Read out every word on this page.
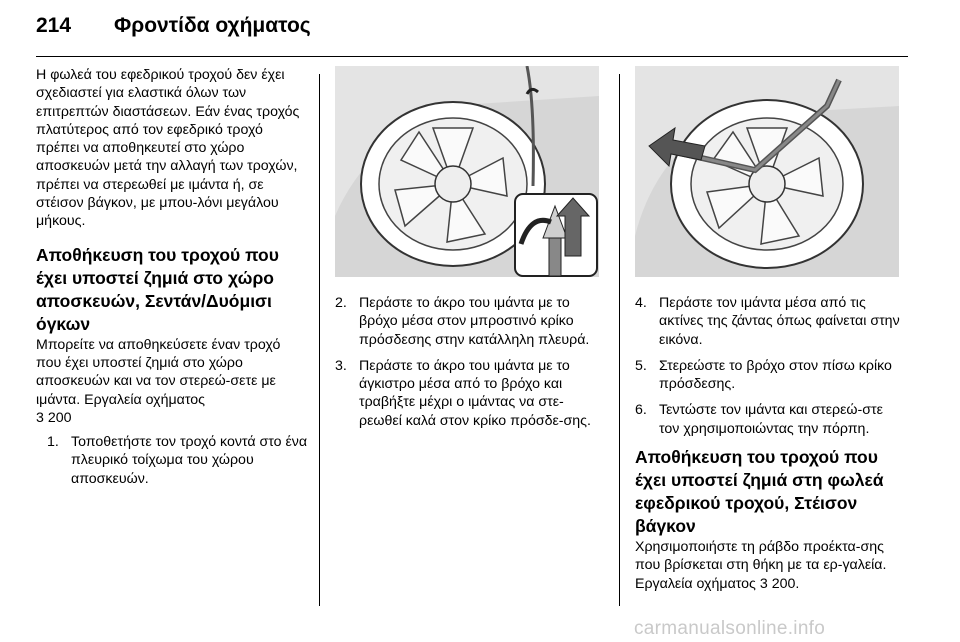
214	Φροντίδα οχήματος

Η φωλεά του εφεδρικού τροχού δεν έχει σχεδιαστεί για ελαστικά όλων των επιτρεπτών διαστάσεων. Εάν ένας τροχός πλατύτερος από τον εφεδρικό τροχό πρέπει να αποθηκευτεί στο χώρο αποσκευών μετά την αλλαγή των τροχών, πρέπει να στερεωθεί με ιμάντα ή, σε στέισον βάγκον, με μπου-λόνι μεγάλου μήκους.

Αποθήκευση του τροχού που έχει υποστεί ζημιά στο χώρο αποσκευών, Σεντάν/Δυόμισι όγκων

Μπορείτε να αποθηκεύσετε έναν τροχό που έχει υποστεί ζημιά στο χώρο αποσκευών και να τον στερεώ-σετε με ιμάντα. Εργαλεία οχήματος
3 200

1. Τοποθετήστε τον τροχό κοντά στο ένα πλευρικό τοίχωμα του χώρου αποσκευών.
2. Περάστε το άκρο του ιμάντα με το βρόχο μέσα στον μπροστινό κρίκο πρόσδεσης στην κατάλληλη πλευρά.
3. Περάστε το άκρο του ιμάντα με το άγκιστρο μέσα από το βρόχο και τραβήξτε μέχρι ο ιμάντας να στε-ρεωθεί καλά στον κρίκο πρόσδε-σης.
4. Περάστε τον ιμάντα μέσα από τις ακτίνες της ζάντας όπως φαίνεται στην εικόνα.
5. Στερεώστε το βρόχο στον πίσω κρίκο πρόσδεσης.
6. Τεντώστε τον ιμάντα και στερεώ-στε τον χρησιμοποιώντας την πόρπη.
Αποθήκευση του τροχού που έχει υποστεί ζημιά στη φωλεά εφεδρικού τροχού, Στέισον βάγκον

Χρησιμοποιήστε τη ράβδο προέκτα-σης που βρίσκεται στη θήκη με τα ερ-γαλεία. Εργαλεία οχήματος 3 200.

carmanualsonline.info
